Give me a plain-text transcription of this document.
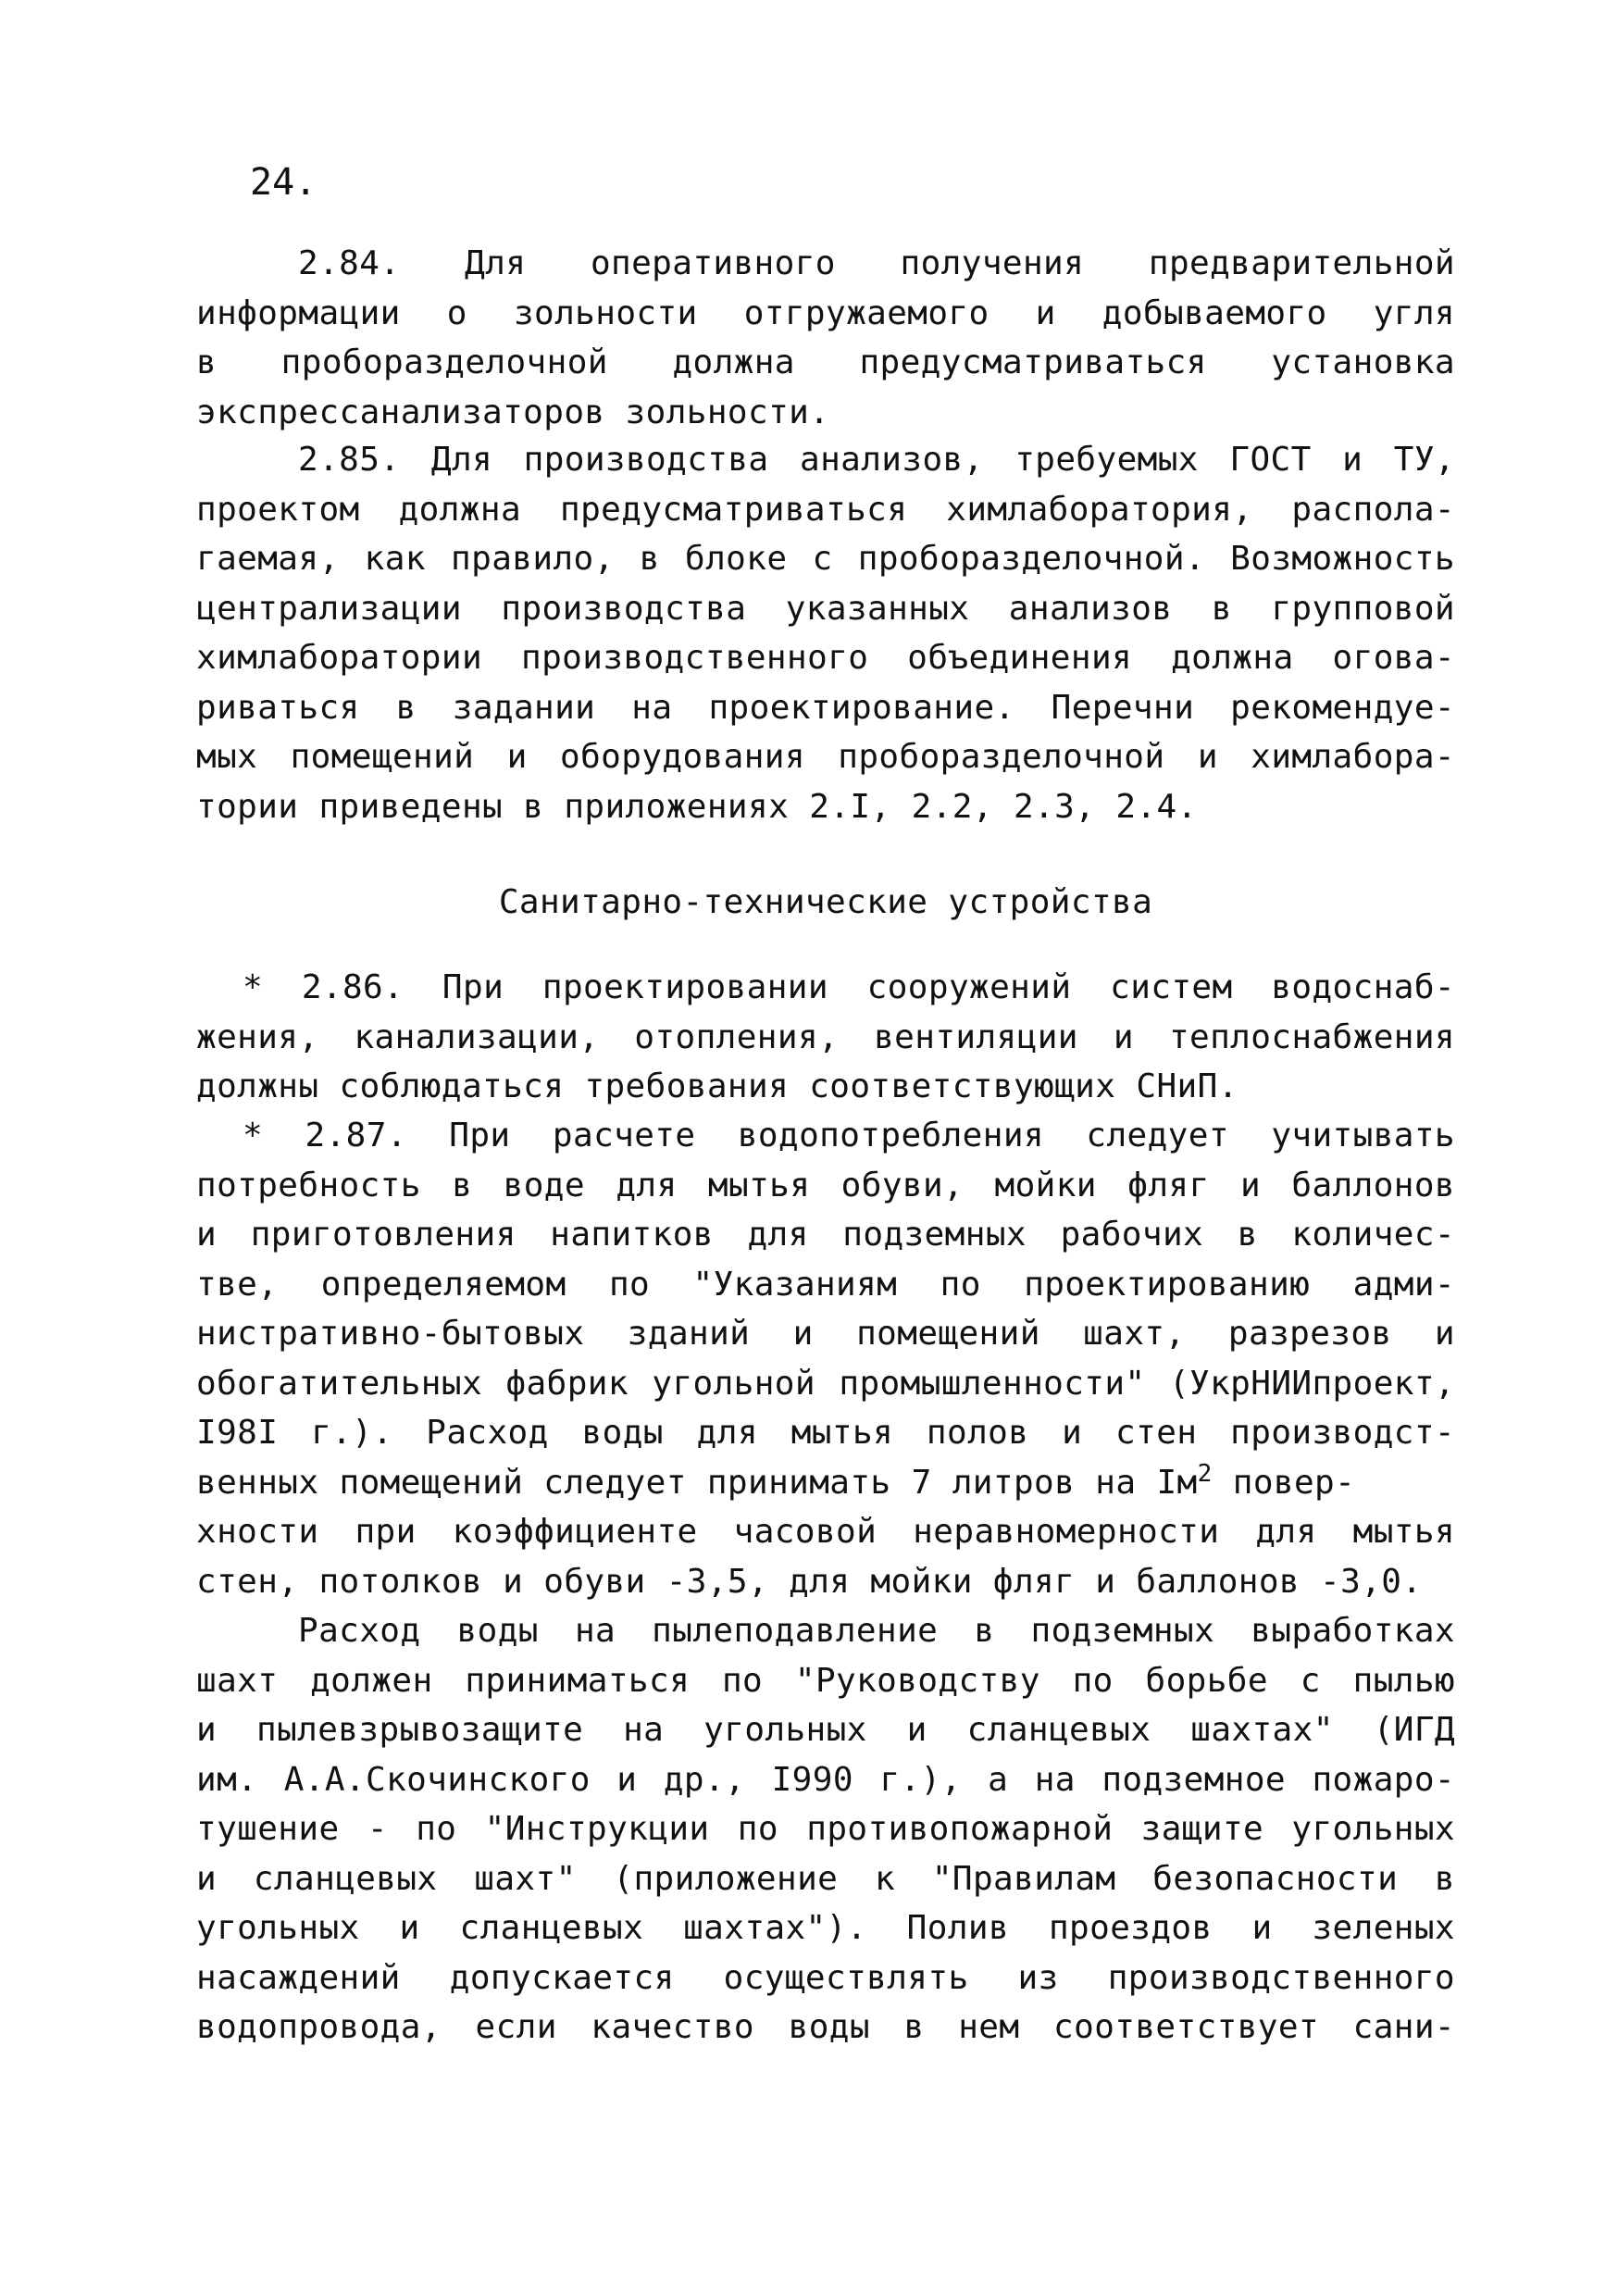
24.
2.84. Для оперативного получения предварительной
информации о зольности отгружаемого и добываемого угля
в пробоpазделочной должна предусматриваться установка
экспрессанализаторов зольности.
2.85. Для производства анализов, требуемых ГОСТ и ТУ,
проектом должна предусматриваться химлаборатория, распола-
гаемая, как правило, в блоке с пробоpазделочной. Возможность
централизации производства указанных анализов в групповой
химлаборатории производственного объединения должна огова-
риваться в задании на проектирование. Перечни рекомендуе-
мых помещений и оборудования пробоpазделочной и химлабора-
тории приведены в приложениях 2.I, 2.2, 2.3, 2.4.
Санитарно-технические устройства
* 2.86. При проектировании сооружений систем водоснаб-
жения, канализации, отопления, вентиляции и теплоснабжения
должны соблюдаться требования соответствующих СНиП.
* 2.87. При расчете водопотребления следует учитывать
потребность в воде для мытья обуви, мойки фляг и баллонов
и приготовления напитков для подземных рабочих в количес-
тве, определяемом по "Указаниям по проектированию адми-
нистративно-бытовых зданий и помещений шахт, разрезов и
обогатительных фабрик угольной промышленности" (УкрНИИпроект,
I98I г.). Расход воды для мытья полов и стен производст-
венных помещений следует принимать 7 литров на $Iм^2$ повер-
хности при коэффициенте часовой неравномерности для мытья
стен, потолков и обуви -3,5, для мойки фляг и баллонов -3,0.
Расход воды на пылеподавление в подземных выработках
шахт должен приниматься по "Руководству по борьбе с пылью
и пылевзрывозащите на угольных и сланцевых шахтах" (ИГД
им. А.А.Скочинского и др., I990 г.), а на подземное пожаро-
тушение - по "Инструкции по противопожарной защите угольных
и сланцевых шахт" (приложение к "Правилам безопасности в
угольных и сланцевых шахтах"). Полив проездов и зеленых
насаждений допускается осуществлять из производственного
водопровода, если качество воды в нем соответствует сани-
